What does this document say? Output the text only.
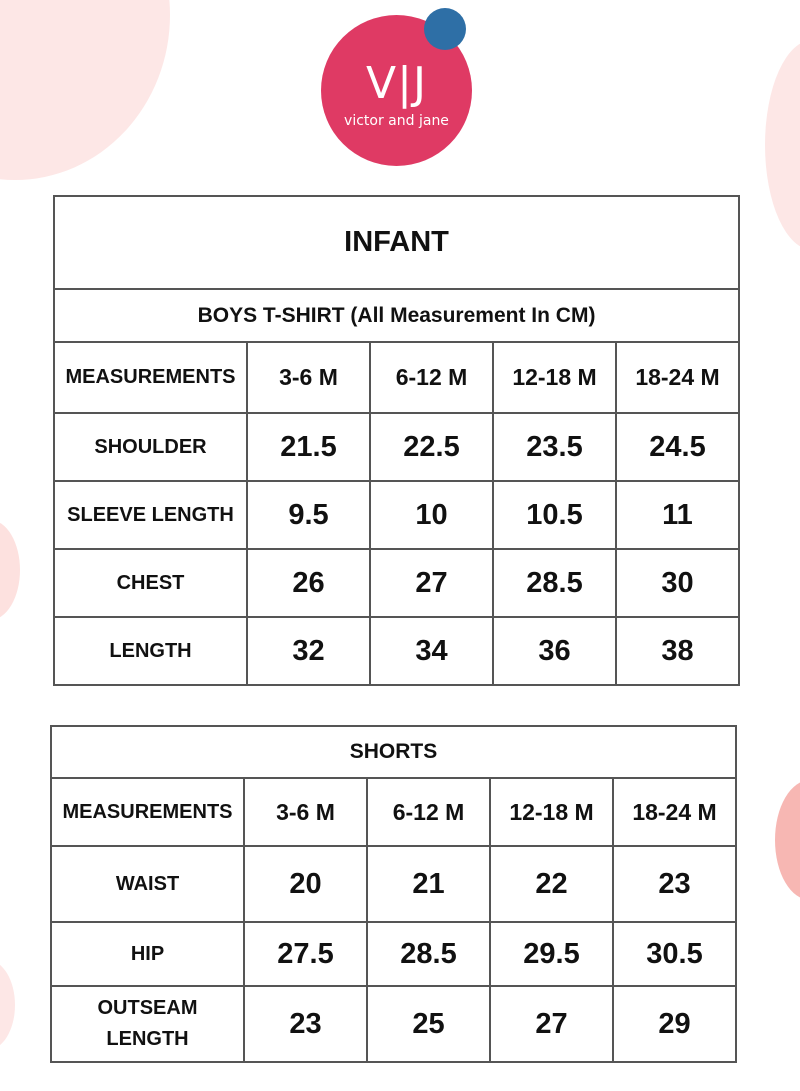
V|J
victor and jane
INFANT				
BOYS T-SHIRT (All Measurement In CM)				
MEASUREMENTS	3-6 M	6-12 M	12-18 M	18-24 M
SHOULDER	21.5	22.5	23.5	24.5
SLEEVE LENGTH	9.5	10	10.5	11
CHEST	26	27	28.5	30
LENGTH	32	34	36	38
SHORTS				
MEASUREMENTS	3-6 M	6-12 M	12-18 M	18-24 M
WAIST	20	21	22	23
HIP	27.5	28.5	29.5	30.5
OUTSEAM LENGTH	23	25	27	29
